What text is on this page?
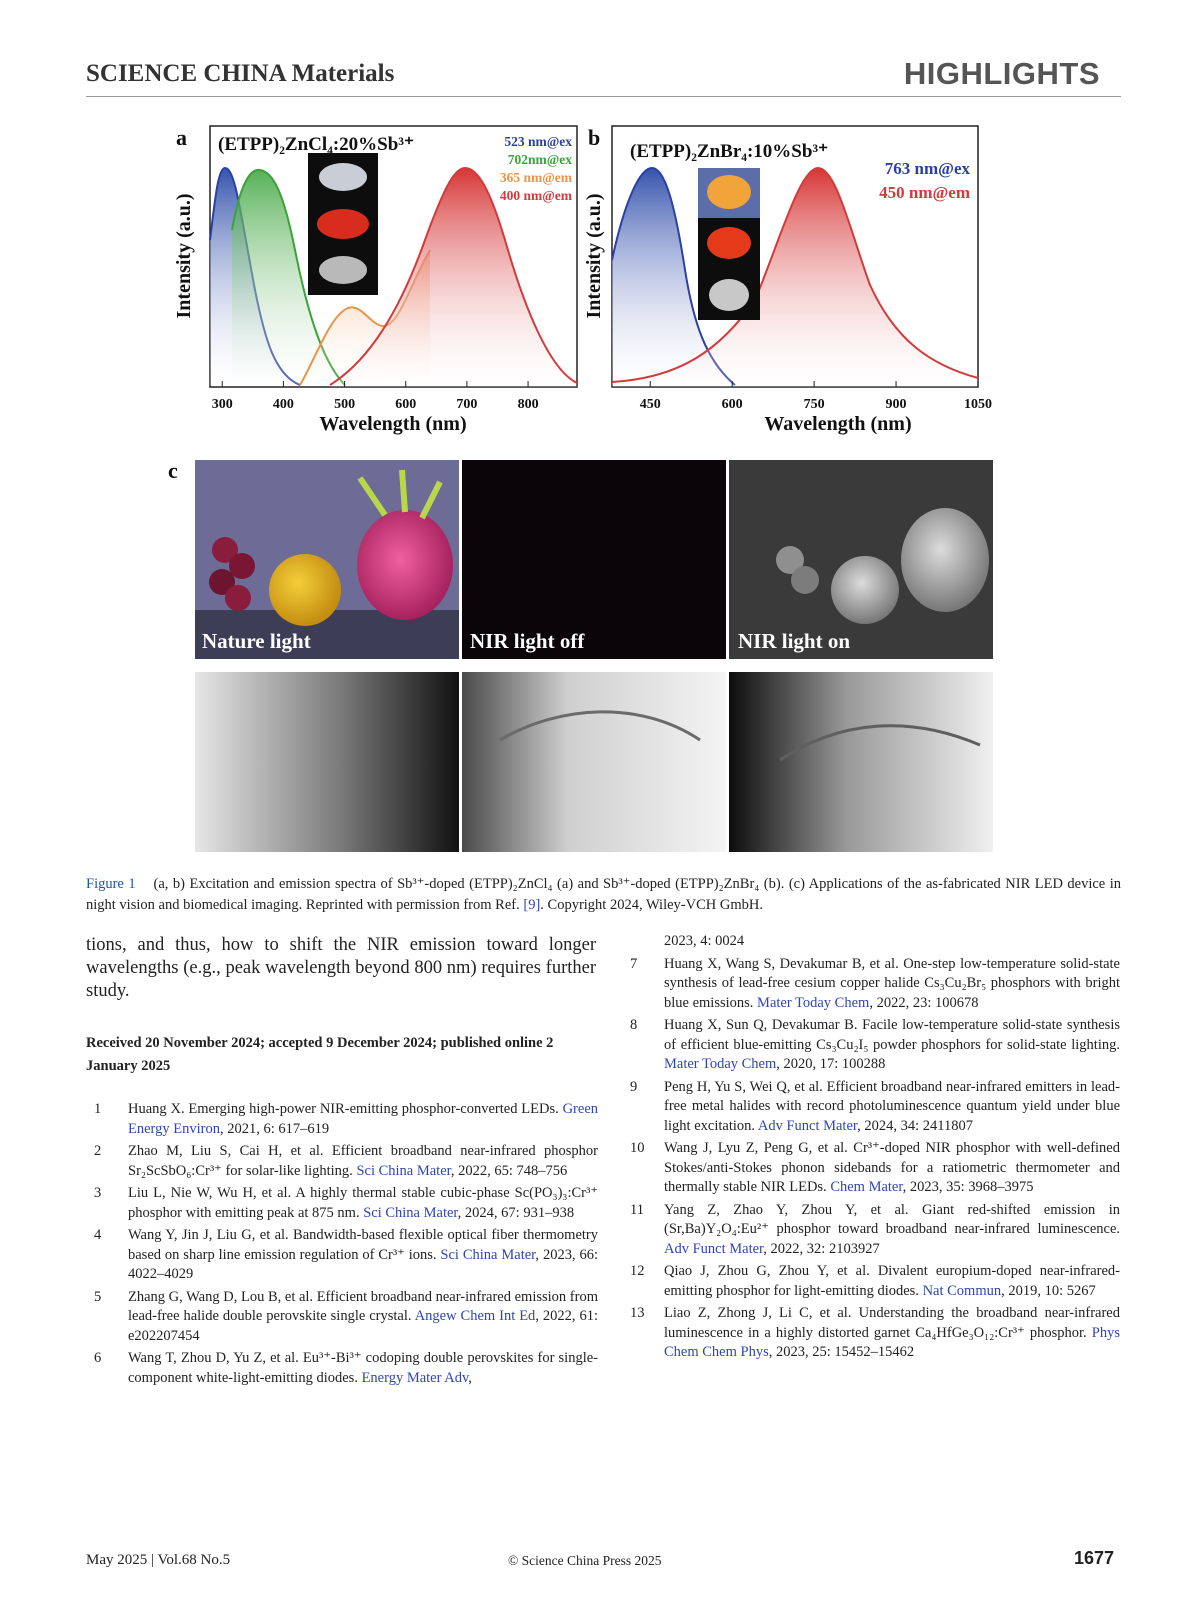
SCIENCE CHINA Materials	HIGHLIGHTS
a (ETPP)₂ZnCl₄:20%Sb³⁺	523 nm@ex
702nm@ex
365 nm@em
400 nm@em
Intensity (a.u.)
Wavelength (nm)
300	400	500	600	700	800
b
(ETPP)₂ZnBr₄:10%Sb³⁺
763 nm@ex
450 nm@em
Intensity (a.u.)
Wavelength (nm)
450	600	750	900	1050
c
Nature light	NIR light off	NIR light on
Figure 1 (a, b) Excitation and emission spectra of Sb³⁺-doped (ETPP)₂ZnCl₄ (a) and Sb³⁺-doped (ETPP)₂ZnBr₄ (b). (c) Applications of the as-fabricated NIR LED device in night vision and biomedical imaging. Reprinted with permission from Ref. [9]. Copyright 2024, Wiley-VCH GmbH.
tions, and thus, how to shift the NIR emission toward longer wavelengths (e.g., peak wavelength beyond 800 nm) requires further study.
Received 20 November 2024; accepted 9 December 2024; published online 2 January 2025
1	Huang X. Emerging high-power NIR-emitting phosphor-converted LEDs. Green Energy Environ, 2021, 6: 617–619
2	Zhao M, Liu S, Cai H, et al. Efficient broadband near-infrared phosphor Sr₂ScSbO₆:Cr³⁺ for solar-like lighting. Sci China Mater, 2022, 65: 748–756
3	Liu L, Nie W, Wu H, et al. A highly thermal stable cubic-phase Sc(PO₃)₃:Cr³⁺ phosphor with emitting peak at 875 nm. Sci China Mater, 2024, 67: 931–938
4	Wang Y, Jin J, Liu G, et al. Bandwidth-based flexible optical fiber thermometry based on sharp line emission regulation of Cr³⁺ ions. Sci China Mater, 2023, 66: 4022–4029
5	Zhang G, Wang D, Lou B, et al. Efficient broadband near-infrared emission from lead-free halide double perovskite single crystal. Angew Chem Int Ed, 2022, 61: e202207454
6	Wang T, Zhou D, Yu Z, et al. Eu³⁺-Bi³⁺ codoping double perovskites for single-component white-light-emitting diodes. Energy Mater Adv,
2023, 4: 0024
7	Huang X, Wang S, Devakumar B, et al. One-step low-temperature solid-state synthesis of lead-free cesium copper halide Cs₃Cu₂Br₅ phosphors with bright blue emissions. Mater Today Chem, 2022, 23: 100678
8	Huang X, Sun Q, Devakumar B. Facile low-temperature solid-state synthesis of efficient blue-emitting Cs₃Cu₂I₅ powder phosphors for solid-state lighting. Mater Today Chem, 2020, 17: 100288
9	Peng H, Yu S, Wei Q, et al. Efficient broadband near-infrared emitters in lead-free metal halides with record photoluminescence quantum yield under blue light excitation. Adv Funct Mater, 2024, 34: 2411807
10	Wang J, Lyu Z, Peng G, et al. Cr³⁺-doped NIR phosphor with well-defined Stokes/anti-Stokes phonon sidebands for a ratiometric thermometer and thermally stable NIR LEDs. Chem Mater, 2023, 35: 3968–3975
11	Yang Z, Zhao Y, Zhou Y, et al. Giant red-shifted emission in (Sr,Ba)Y₂O₄:Eu²⁺ phosphor toward broadband near-infrared luminescence. Adv Funct Mater, 2022, 32: 2103927
12	Qiao J, Zhou G, Zhou Y, et al. Divalent europium-doped near-infrared-emitting phosphor for light-emitting diodes. Nat Commun, 2019, 10: 5267
13	Liao Z, Zhong J, Li C, et al. Understanding the broadband near-infrared luminescence in a highly distorted garnet Ca₄HfGe₃O₁₂:Cr³⁺ phosphor. Phys Chem Chem Phys, 2023, 25: 15452–15462
May 2025 | Vol.68 No.5	© Science China Press 2025	1677
